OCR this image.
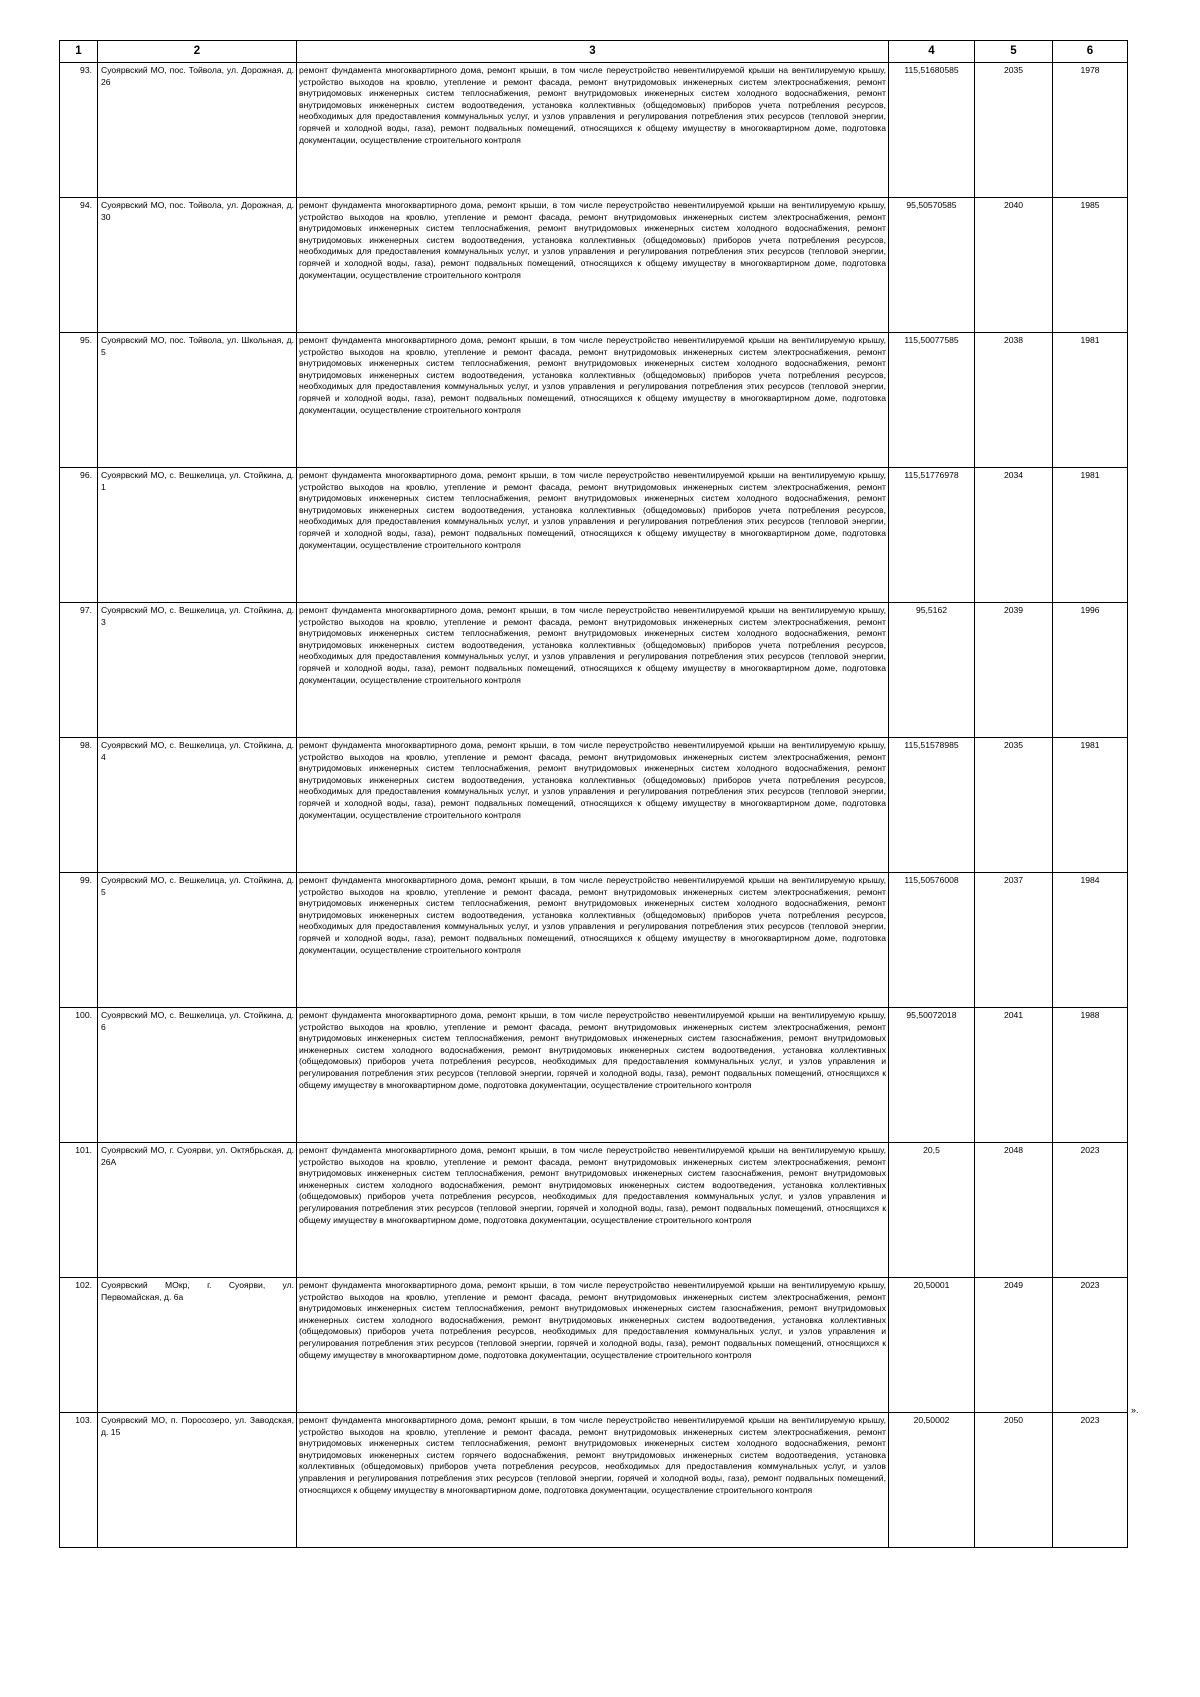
1	2	3	4	5	6
93.	Суоярвский МО, пос. Тойвола, ул. Дорожная, д. 26	ремонт фундамента многоквартирного дома, ремонт крыши, в том числе переустройство невентилируемой крыши на вентилируемую крышу, устройство выходов на кровлю, утепление и ремонт фасада, ремонт внутридомовых инженерных систем электроснабжения, ремонт внутридомовых инженерных систем теплоснабжения, ремонт внутридомовых инженерных систем холодного водоснабжения, ремонт внутридомовых инженерных систем водоотведения, установка коллективных (общедомовых) приборов учета потребления ресурсов, необходимых для предоставления коммунальных услуг, и узлов управления и регулирования потребления этих ресурсов (тепловой энергии, горячей и холодной воды, газа), ремонт подвальных помещений, относящихся к общему имуществу в многоквартирном доме, подготовка документации, осуществление строительного контроля	115,51680585	2035	1978
94.	Суоярвский МО, пос. Тойвола, ул. Дорожная, д. 30	ремонт фундамента многоквартирного дома, ремонт крыши, в том числе переустройство невентилируемой крыши на вентилируемую крышу, устройство выходов на кровлю, утепление и ремонт фасада, ремонт внутридомовых инженерных систем электроснабжения, ремонт внутридомовых инженерных систем теплоснабжения, ремонт внутридомовых инженерных систем холодного водоснабжения, ремонт внутридомовых инженерных систем водоотведения, установка коллективных (общедомовых) приборов учета потребления ресурсов, необходимых для предоставления коммунальных услуг, и узлов управления и регулирования потребления этих ресурсов (тепловой энергии, горячей и холодной воды, газа), ремонт подвальных помещений, относящихся к общему имуществу в многоквартирном доме, подготовка документации, осуществление строительного контроля	95,50570585	2040	1985
95.	Суоярвский МО, пос. Тойвола, ул. Школьная, д. 5	ремонт фундамента многоквартирного дома, ремонт крыши, в том числе переустройство невентилируемой крыши на вентилируемую крышу, устройство выходов на кровлю, утепление и ремонт фасада, ремонт внутридомовых инженерных систем электроснабжения, ремонт внутридомовых инженерных систем теплоснабжения, ремонт внутридомовых инженерных систем холодного водоснабжения, ремонт внутридомовых инженерных систем водоотведения, установка коллективных (общедомовых) приборов учета потребления ресурсов, необходимых для предоставления коммунальных услуг, и узлов управления и регулирования потребления этих ресурсов (тепловой энергии, горячей и холодной воды, газа), ремонт подвальных помещений, относящихся к общему имуществу в многоквартирном доме, подготовка документации, осуществление строительного контроля	115,50077585	2038	1981
96.	Суоярвский МО, с. Вешкелица, ул. Стойкина, д. 1	ремонт фундамента многоквартирного дома, ремонт крыши, в том числе переустройство невентилируемой крыши на вентилируемую крышу, устройство выходов на кровлю, утепление и ремонт фасада, ремонт внутридомовых инженерных систем электроснабжения, ремонт внутридомовых инженерных систем теплоснабжения, ремонт внутридомовых инженерных систем холодного водоснабжения, ремонт внутридомовых инженерных систем водоотведения, установка коллективных (общедомовых) приборов учета потребления ресурсов, необходимых для предоставления коммунальных услуг, и узлов управления и регулирования потребления этих ресурсов (тепловой энергии, горячей и холодной воды, газа), ремонт подвальных помещений, относящихся к общему имуществу в многоквартирном доме, подготовка документации, осуществление строительного контроля	115,51776978	2034	1981
97.	Суоярвский МО, с. Вешкелица, ул. Стойкина, д. 3	ремонт фундамента многоквартирного дома, ремонт крыши, в том числе переустройство невентилируемой крыши на вентилируемую крышу, устройство выходов на кровлю, утепление и ремонт фасада, ремонт внутридомовых инженерных систем электроснабжения, ремонт внутридомовых инженерных систем теплоснабжения, ремонт внутридомовых инженерных систем холодного водоснабжения, ремонт внутридомовых инженерных систем водоотведения, установка коллективных (общедомовых) приборов учета потребления ресурсов, необходимых для предоставления коммунальных услуг, и узлов управления и регулирования потребления этих ресурсов (тепловой энергии, горячей и холодной воды, газа), ремонт подвальных помещений, относящихся к общему имуществу в многоквартирном доме, подготовка документации, осуществление строительного контроля	95,5162	2039	1996
98.	Суоярвский МО, с. Вешкелица, ул. Стойкина, д. 4	ремонт фундамента многоквартирного дома, ремонт крыши, в том числе переустройство невентилируемой крыши на вентилируемую крышу, устройство выходов на кровлю, утепление и ремонт фасада, ремонт внутридомовых инженерных систем электроснабжения, ремонт внутридомовых инженерных систем теплоснабжения, ремонт внутридомовых инженерных систем холодного водоснабжения, ремонт внутридомовых инженерных систем водоотведения, установка коллективных (общедомовых) приборов учета потребления ресурсов, необходимых для предоставления коммунальных услуг, и узлов управления и регулирования потребления этих ресурсов (тепловой энергии, горячей и холодной воды, газа), ремонт подвальных помещений, относящихся к общему имуществу в многоквартирном доме, подготовка документации, осуществление строительного контроля	115,51578985	2035	1981
99.	Суоярвский МО, с. Вешкелица, ул. Стойкина, д. 5	ремонт фундамента многоквартирного дома, ремонт крыши, в том числе переустройство невентилируемой крыши на вентилируемую крышу, устройство выходов на кровлю, утепление и ремонт фасада, ремонт внутридомовых инженерных систем электроснабжения, ремонт внутридомовых инженерных систем теплоснабжения, ремонт внутридомовых инженерных систем холодного водоснабжения, ремонт внутридомовых инженерных систем водоотведения, установка коллективных (общедомовых) приборов учета потребления ресурсов, необходимых для предоставления коммунальных услуг, и узлов управления и регулирования потребления этих ресурсов (тепловой энергии, горячей и холодной воды, газа), ремонт подвальных помещений, относящихся к общему имуществу в многоквартирном доме, подготовка документации, осуществление строительного контроля	115,50576008	2037	1984
100.	Суоярвский МО, с. Вешкелица, ул. Стойкина, д. 6	ремонт фундамента многоквартирного дома, ремонт крыши, в том числе переустройство невентилируемой крыши на вентилируемую крышу, устройство выходов на кровлю, утепление и ремонт фасада, ремонт внутридомовых инженерных систем электроснабжения, ремонт внутридомовых инженерных систем теплоснабжения, ремонт внутридомовых инженерных систем газоснабжения, ремонт внутридомовых инженерных систем холодного водоснабжения, ремонт внутридомовых инженерных систем водоотведения, установка коллективных (общедомовых) приборов учета потребления ресурсов, необходимых для предоставления коммунальных услуг, и узлов управления и регулирования потребления этих ресурсов (тепловой энергии, горячей и холодной воды, газа), ремонт подвальных помещений, относящихся к общему имуществу в многоквартирном доме, подготовка документации, осуществление строительного контроля	95,50072018	2041	1988
101.	Суоярвский МО, г. Суоярви, ул. Октябрьская, д. 26А	ремонт фундамента многоквартирного дома, ремонт крыши, в том числе переустройство невентилируемой крыши на вентилируемую крышу, устройство выходов на кровлю, утепление и ремонт фасада, ремонт внутридомовых инженерных систем электроснабжения, ремонт внутридомовых инженерных систем теплоснабжения, ремонт внутридомовых инженерных систем газоснабжения, ремонт внутридомовых инженерных систем холодного водоснабжения, ремонт внутридомовых инженерных систем водоотведения, установка коллективных (общедомовых) приборов учета потребления ресурсов, необходимых для предоставления коммунальных услуг, и узлов управления и регулирования потребления этих ресурсов (тепловой энергии, горячей и холодной воды, газа), ремонт подвальных помещений, относящихся к общему имуществу в многоквартирном доме, подготовка документации, осуществление строительного контроля	20,5	2048	2023
102.	Суоярвский МОкр, г. Суоярви, ул. Первомайская, д. 6а	ремонт фундамента многоквартирного дома, ремонт крыши, в том числе переустройство невентилируемой крыши на вентилируемую крышу, устройство выходов на кровлю, утепление и ремонт фасада, ремонт внутридомовых инженерных систем электроснабжения, ремонт внутридомовых инженерных систем теплоснабжения, ремонт внутридомовых инженерных систем газоснабжения, ремонт внутридомовых инженерных систем холодного водоснабжения, ремонт внутридомовых инженерных систем водоотведения, установка коллективных (общедомовых) приборов учета потребления ресурсов, необходимых для предоставления коммунальных услуг, и узлов управления и регулирования потребления этих ресурсов (тепловой энергии, горячей и холодной воды, газа), ремонт подвальных помещений, относящихся к общему имуществу в многоквартирном доме, подготовка документации, осуществление строительного контроля	20,50001	2049	2023
103.	Суоярвский МО, п. Поросозеро, ул. Заводская, д. 15	ремонт фундамента многоквартирного дома, ремонт крыши, в том числе переустройство невентилируемой крыши на вентилируемую крышу, устройство выходов на кровлю, утепление и ремонт фасада, ремонт внутридомовых инженерных систем электроснабжения, ремонт внутридомовых инженерных систем теплоснабжения, ремонт внутридомовых инженерных систем холодного водоснабжения, ремонт внутридомовых инженерных систем горячего водоснабжения, ремонт внутридомовых инженерных систем водоотведения, установка коллективных (общедомовых) приборов учета потребления ресурсов, необходимых для предоставления коммунальных услуг, и узлов управления и регулирования потребления этих ресурсов (тепловой энергии, горячей и холодной воды, газа), ремонт подвальных помещений, относящихся к общему имуществу в многоквартирном доме, подготовка документации, осуществление строительного контроля	20,50002	2050	2023
».
